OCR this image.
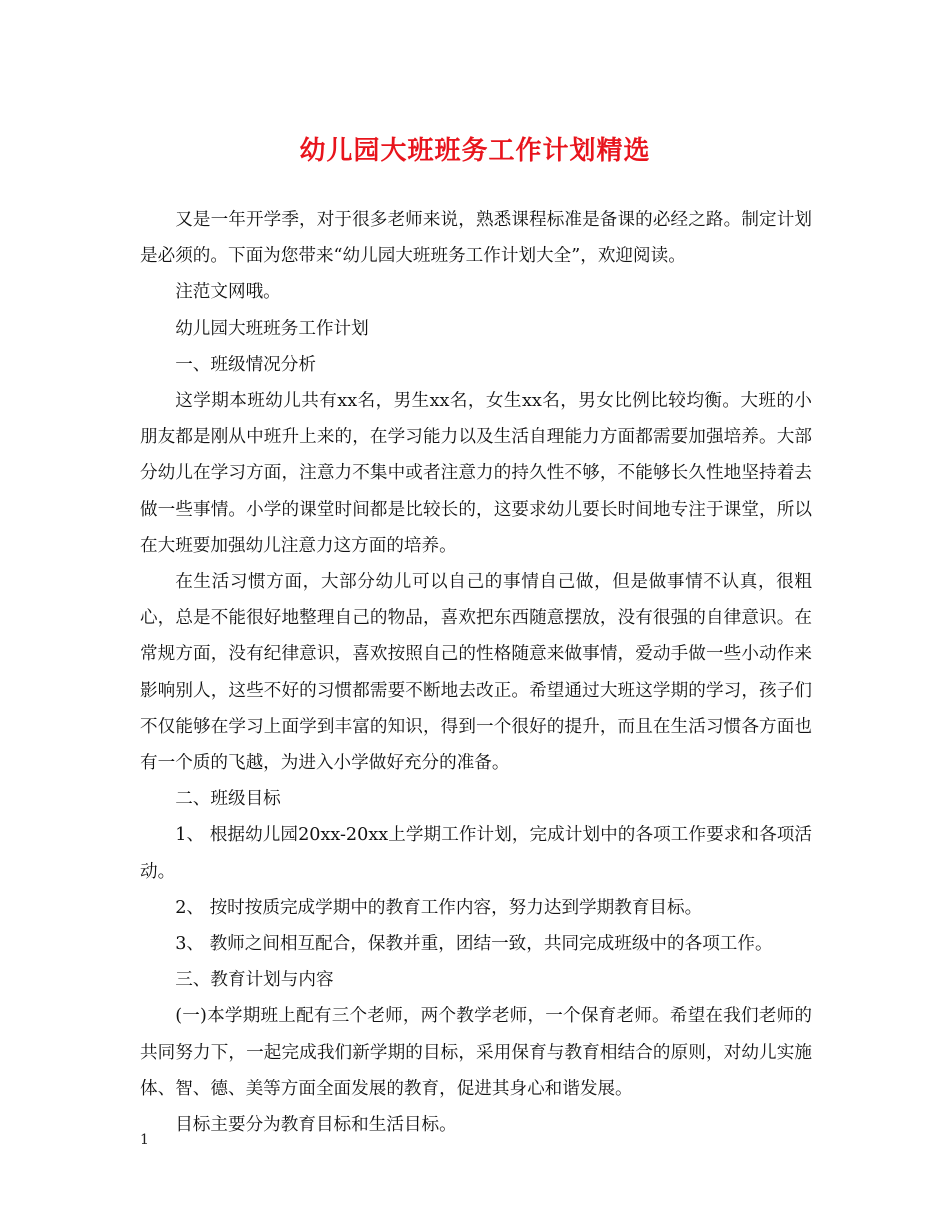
幼儿园大班班务工作计划精选

又是一年开学季，对于很多老师来说，熟悉课程标准是备课的必经之路。制定计划是必须的。下面为您带来“幼儿园大班班务工作计划大全”，欢迎阅读。

注范文网哦。

幼儿园大班班务工作计划

一、班级情况分析

这学期本班幼儿共有xx名，男生xx名，女生xx名，男女比例比较均衡。大班的小朋友都是刚从中班升上来的，在学习能力以及生活自理能力方面都需要加强培养。大部分幼儿在学习方面，注意力不集中或者注意力的持久性不够，不能够长久性地坚持着去做一些事情。小学的课堂时间都是比较长的，这要求幼儿要长时间地专注于课堂，所以在大班要加强幼儿注意力这方面的培养。

在生活习惯方面，大部分幼儿可以自己的事情自己做，但是做事情不认真，很粗心，总是不能很好地整理自己的物品，喜欢把东西随意摆放，没有很强的自律意识。在常规方面，没有纪律意识，喜欢按照自己的性格随意来做事情，爱动手做一些小动作来影响别人，这些不好的习惯都需要不断地去改正。希望通过大班这学期的学习，孩子们不仅能够在学习上面学到丰富的知识，得到一个很好的提升，而且在生活习惯各方面也有一个质的飞越，为进入小学做好充分的准备。

二、班级目标

1、 根据幼儿园20xx-20xx上学期工作计划，完成计划中的各项工作要求和各项活动。

2、 按时按质完成学期中的教育工作内容，努力达到学期教育目标。

3、 教师之间相互配合，保教并重，团结一致，共同完成班级中的各项工作。

三、教育计划与内容

(一)本学期班上配有三个老师，两个教学老师，一个保育老师。希望在我们老师的共同努力下，一起完成我们新学期的目标，采用保育与教育相结合的原则，对幼儿实施体、智、德、美等方面全面发展的教育，促进其身心和谐发展。

目标主要分为教育目标和生活目标。

1
